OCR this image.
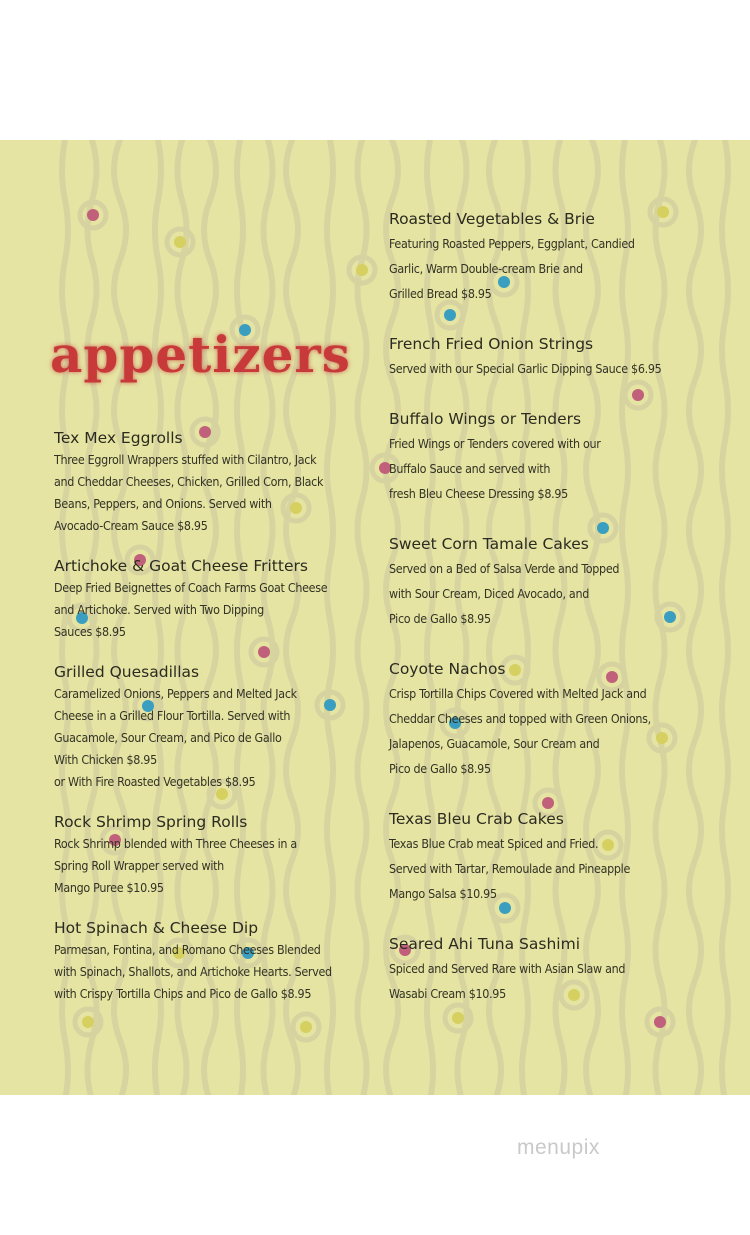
appetizers
Tex Mex Eggrolls
Three Eggroll Wrappers stuffed with Cilantro, Jack
and Cheddar Cheeses, Chicken, Grilled Corn, Black
Beans, Peppers, and Onions. Served with
Avocado-Cream Sauce $8.95
Artichoke & Goat Cheese Fritters
Deep Fried Beignettes of Coach Farms Goat Cheese
and Artichoke. Served with Two Dipping
Sauces $8.95
Grilled Quesadillas
Caramelized Onions, Peppers and Melted Jack
Cheese in a Grilled Flour Tortilla. Served with
Guacamole, Sour Cream, and Pico de Gallo
With Chicken $8.95
or With Fire Roasted Vegetables $8.95
Rock Shrimp Spring Rolls
Rock Shrimp blended with Three Cheeses in a
Spring Roll Wrapper served with
Mango Puree $10.95
Hot Spinach & Cheese Dip
Parmesan, Fontina, and Romano Cheeses Blended
with Spinach, Shallots, and Artichoke Hearts. Served
with Crispy Tortilla Chips and Pico de Gallo $8.95
Roasted Vegetables & Brie
Featuring Roasted Peppers, Eggplant, Candied
Garlic, Warm Double-cream Brie and
Grilled Bread $8.95
French Fried Onion Strings
Served with our Special Garlic Dipping Sauce $6.95
Buffalo Wings or Tenders
Fried Wings or Tenders covered with our
Buffalo Sauce and served with
fresh Bleu Cheese Dressing $8.95
Sweet Corn Tamale Cakes
Served on a Bed of Salsa Verde and Topped
with Sour Cream, Diced Avocado, and
Pico de Gallo $8.95
Coyote Nachos
Crisp Tortilla Chips Covered with Melted Jack and
Cheddar Cheeses and topped with Green Onions,
Jalapenos, Guacamole, Sour Cream and
Pico de Gallo $8.95
Texas Bleu Crab Cakes
Texas Blue Crab meat Spiced and Fried.
Served with Tartar, Remoulade and Pineapple
Mango Salsa $10.95
Seared Ahi Tuna Sashimi
Spiced and Served Rare with Asian Slaw and
Wasabi Cream $10.95
menupix
